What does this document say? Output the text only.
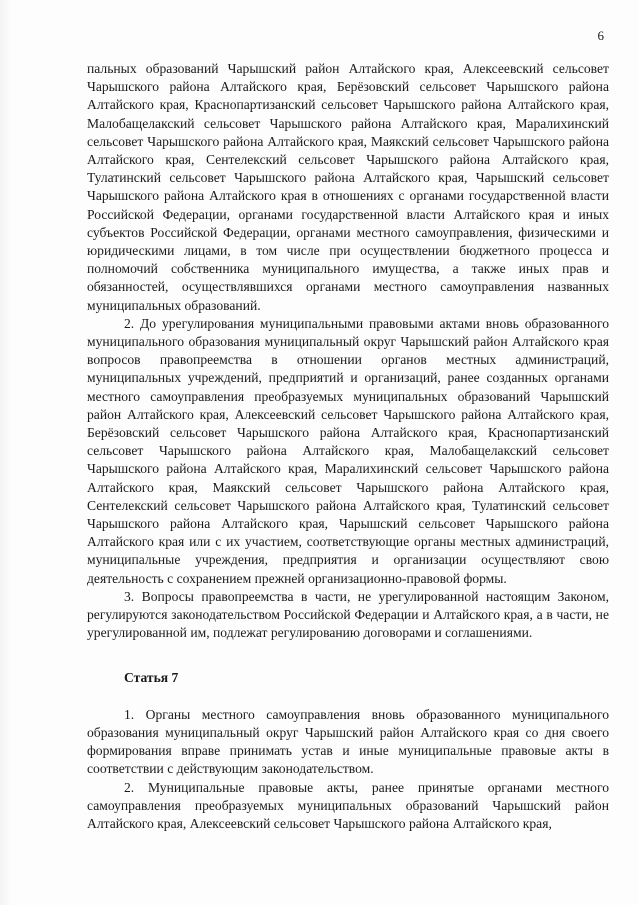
6

пальных образований Чарышский район Алтайского края, Алексеевский сельсовет Чарышского района Алтайского края, Берёзовский сельсовет Чарышского района Алтайского края, Краснопартизанский сельсовет Чарышского района Алтайского края, Малобащелакский сельсовет Чарышского района Алтайского края, Маралихинский сельсовет Чарышского района Алтайского края, Маякский сельсовет Чарышского района Алтайского края, Сентелекский сельсовет Чарышского района Алтайского края, Тулатинский сельсовет Чарышского района Алтайского края, Чарышский сельсовет Чарышского района Алтайского края в отношениях с органами государственной власти Российской Федерации, органами государственной власти Алтайского края и иных субъектов Российской Федерации, органами местного самоуправления, физическими и юридическими лицами, в том числе при осуществлении бюджетного процесса и полномочий собственника муниципального имущества, а также иных прав и обязанностей, осуществлявшихся органами местного самоуправления названных муниципальных образований.

2. До урегулирования муниципальными правовыми актами вновь образованного муниципального образования муниципальный округ Чарышский район Алтайского края вопросов правопреемства в отношении органов местных администраций, муниципальных учреждений, предприятий и организаций, ранее созданных органами местного самоуправления преобразуемых муниципальных образований Чарышский район Алтайского края, Алексеевский сельсовет Чарышского района Алтайского края, Берёзовский сельсовет Чарышского района Алтайского края, Краснопартизанский сельсовет Чарышского района Алтайского края, Малобащелакский сельсовет Чарышского района Алтайского края, Маралихинский сельсовет Чарышского района Алтайского края, Маякский сельсовет Чарышского района Алтайского края, Сентелекский сельсовет Чарышского района Алтайского края, Тулатинский сельсовет Чарышского района Алтайского края, Чарышский сельсовет Чарышского района Алтайского края или с их участием, соответствующие органы местных администраций, муниципальные учреждения, предприятия и организации осуществляют свою деятельность с сохранением прежней организационно-правовой формы.

3. Вопросы правопреемства в части, не урегулированной настоящим Законом, регулируются законодательством Российской Федерации и Алтайского края, а в части, не урегулированной им, подлежат регулированию договорами и соглашениями.

Статья 7

1. Органы местного самоуправления вновь образованного муниципального образования муниципальный округ Чарышский район Алтайского края со дня своего формирования вправе принимать устав и иные муниципальные правовые акты в соответствии с действующим законодательством.

2. Муниципальные правовые акты, ранее принятые органами местного самоуправления преобразуемых муниципальных образований Чарышский район Алтайского края, Алексеевский сельсовет Чарышского района Алтайского края,
